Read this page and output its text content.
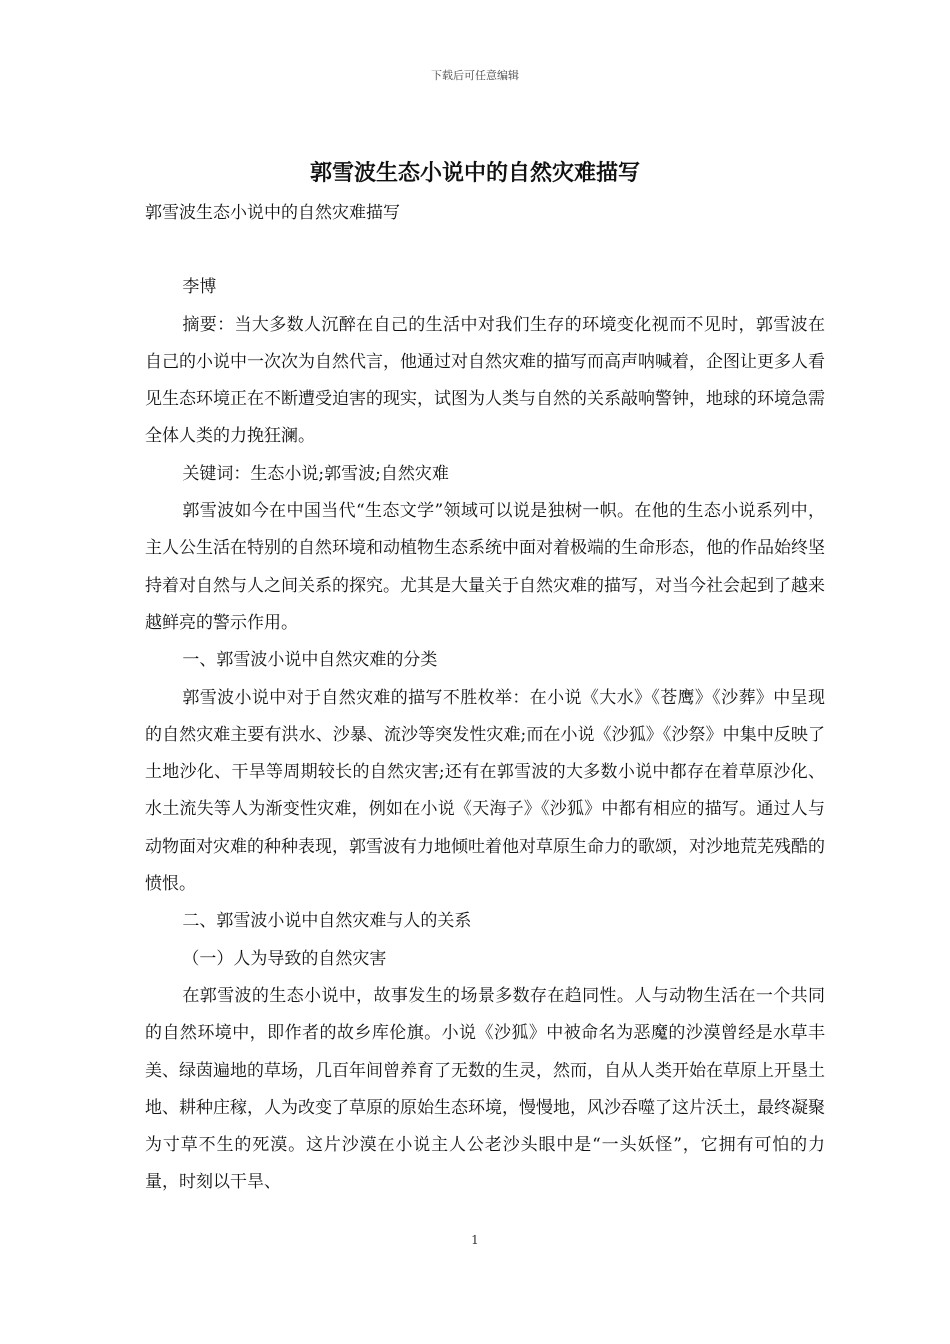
下载后可任意编辑
郭雪波生态小说中的自然灾难描写

郭雪波生态小说中的自然灾难描写

李博

摘要：当大多数人沉醉在自己的生活中对我们生存的环境变化视而不见时，郭雪波在自己的小说中一次次为自然代言，他通过对自然灾难的描写而高声呐喊着，企图让更多人看见生态环境正在不断遭受迫害的现实，试图为人类与自然的关系敲响警钟，地球的环境急需全体人类的力挽狂澜。

关键词：生态小说;郭雪波;自然灾难

郭雪波如今在中国当代“生态文学”领域可以说是独树一帜。在他的生态小说系列中，主人公生活在特别的自然环境和动植物生态系统中面对着极端的生命形态，他的作品始终坚持着对自然与人之间关系的探究。尤其是大量关于自然灾难的描写，对当今社会起到了越来越鲜亮的警示作用。

一、郭雪波小说中自然灾难的分类

郭雪波小说中对于自然灾难的描写不胜枚举：在小说《大水》《苍鹰》《沙葬》中呈现的自然灾难主要有洪水、沙暴、流沙等突发性灾难;而在小说《沙狐》《沙祭》中集中反映了土地沙化、干旱等周期较长的自然灾害;还有在郭雪波的大多数小说中都存在着草原沙化、水土流失等人为渐变性灾难，例如在小说《天海子》《沙狐》中都有相应的描写。通过人与动物面对灾难的种种表现，郭雪波有力地倾吐着他对草原生命力的歌颂，对沙地荒芜残酷的愤恨。

二、郭雪波小说中自然灾难与人的关系

（一）人为导致的自然灾害

在郭雪波的生态小说中，故事发生的场景多数存在趋同性。人与动物生活在一个共同的自然环境中，即作者的故乡库伦旗。小说《沙狐》中被命名为恶魔的沙漠曾经是水草丰美、绿茵遍地的草场，几百年间曾养育了无数的生灵，然而，自从人类开始在草原上开垦土地、耕种庄稼，人为改变了草原的原始生态环境，慢慢地，风沙吞噬了这片沃土，最终凝聚为寸草不生的死漠。这片沙漠在小说主人公老沙头眼中是“一头妖怪”，它拥有可怕的力量，时刻以干旱、

1
